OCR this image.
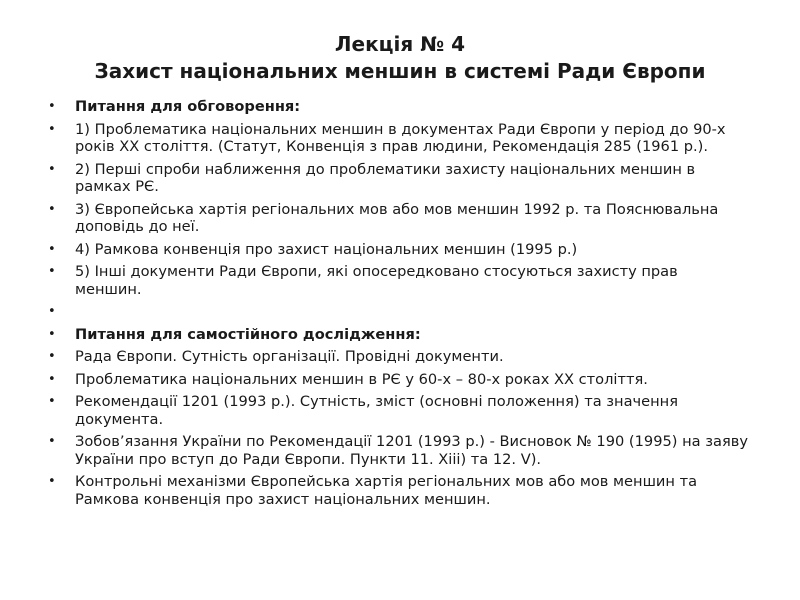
Лекція № 4
Захист національних меншин в системі Ради Європи
• Питання для обговорення:
• 1) Проблематика національних меншин в документах Ради Європи у період до 90-х років ХХ століття. (Статут, Конвенція з прав людини, Рекомендація 285 (1961 р.).
• 2) Перші спроби наближення до проблематики захисту національних меншин в рамках РЄ.
• 3) Європейська хартія регіональних мов або мов меншин 1992 р. та Пояснювальна доповідь до неї.
• 4) Рамкова конвенція про захист національних меншин (1995 р.)
• 5) Інші документи Ради Європи, які опосередковано стосуються захисту прав меншин.
•
• Питання для самостійного дослідження:
• Рада Європи. Сутність організації. Провідні документи.
• Проблематика національних меншин в РЄ у 60-х – 80-х роках ХХ століття.
• Рекомендації 1201 (1993 р.). Сутність, зміст (основні положення) та значення документа.
• Зобов’язання України по Рекомендації 1201 (1993 р.) - Висновок № 190 (1995) на заяву України про вступ до Ради Європи. Пункти 11. Хііі) та 12. V).
• Контрольні механізми Європейська хартія регіональних мов або мов меншин та Рамкова конвенція про захист національних меншин.
